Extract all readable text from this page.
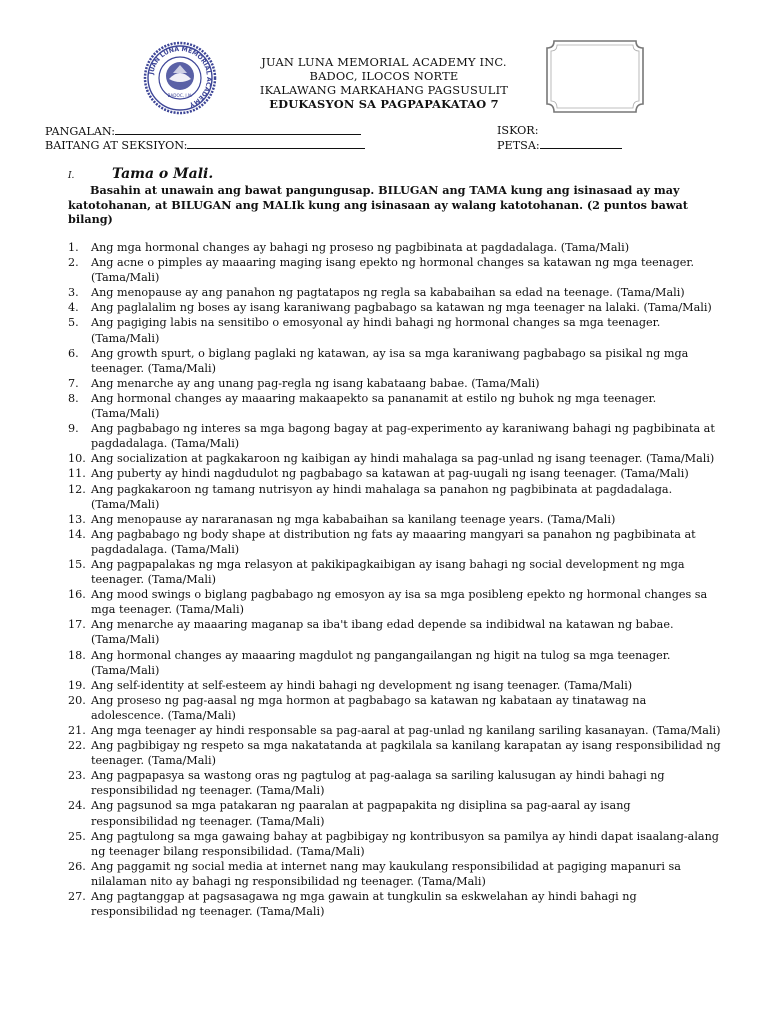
JUAN LUNA MEMORIAL ACADEMY
BADOC, I.N.
JUAN LUNA MEMORIAL ACADEMY INC.
BADOC, ILOCOS NORTE
IKALAWANG MARKAHANG PAGSUSULIT
EDUKASYON SA PAGPAPAKATAO 7
PANGALAN:
BAITANG AT SEKSIYON:
ISKOR:
PETSA:
I.	Tama o Mali.
Basahin at unawain ang bawat pangungusap. BILUGAN ang TAMA kung ang isinasaad ay may katotohanan, at BILUGAN ang MALIk kung ang isinasaan ay walang katotohanan. (2 puntos bawat bilang)
1.	Ang mga hormonal changes ay bahagi ng proseso ng pagbibinata at pagdadalaga. (Tama/Mali)
2.	Ang acne o pimples ay maaaring maging isang epekto ng hormonal changes sa katawan ng mga teenager. (Tama/Mali)
3.	Ang menopause ay ang panahon ng pagtatapos ng regla sa kababaihan sa edad na teenage. (Tama/Mali)
4.	Ang paglalalim ng boses ay isang karaniwang pagbabago sa katawan ng mga teenager na lalaki. (Tama/Mali)
5.	Ang pagiging labis na sensitibo o emosyonal ay hindi bahagi ng hormonal changes sa mga teenager. (Tama/Mali)
6.	Ang growth spurt, o biglang paglaki ng katawan, ay isa sa mga karaniwang pagbabago sa pisikal ng mga teenager. (Tama/Mali)
7.	Ang menarche ay ang unang pag-regla ng isang kabataang babae. (Tama/Mali)
8.	Ang hormonal changes ay maaaring makaapekto sa pananamit at estilo ng buhok ng mga teenager. (Tama/Mali)
9.	Ang pagbabago ng interes sa mga bagong bagay at pag-experimento ay karaniwang bahagi ng pagbibinata at pagdadalaga. (Tama/Mali)
10. Ang socialization at pagkakaroon ng kaibigan ay hindi mahalaga sa pag-unlad ng isang teenager. (Tama/Mali)
11. Ang puberty ay hindi nagdudulot ng pagbabago sa katawan at pag-uugali ng isang teenager. (Tama/Mali)
12. Ang pagkakaroon ng tamang nutrisyon ay hindi mahalaga sa panahon ng pagbibinata at pagdadalaga. (Tama/Mali)
13. Ang menopause ay nararanasan ng mga kababaihan sa kanilang teenage years. (Tama/Mali)
14. Ang pagbabago ng body shape at distribution ng fats ay maaaring mangyari sa panahon ng pagbibinata at pagdadalaga. (Tama/Mali)
15. Ang pagpapalakas ng mga relasyon at pakikipagkaibigan ay isang bahagi ng social development ng mga teenager. (Tama/Mali)
16. Ang mood swings o biglang pagbabago ng emosyon ay isa sa mga posibleng epekto ng hormonal changes sa mga teenager. (Tama/Mali)
17. Ang menarche ay maaaring maganap sa iba't ibang edad depende sa indibidwal na katawan ng babae. (Tama/Mali)
18. Ang hormonal changes ay maaaring magdulot ng pangangailangan ng higit na tulog sa mga teenager. (Tama/Mali)
19. Ang self-identity at self-esteem ay hindi bahagi ng development ng isang teenager. (Tama/Mali)
20. Ang proseso ng pag-aasal ng mga hormon at pagbabago sa katawan ng kabataan ay tinatawag na adolescence. (Tama/Mali)
21. Ang mga teenager ay hindi responsable sa pag-aaral at pag-unlad ng kanilang sariling kasanayan. (Tama/Mali)
22. Ang pagbibigay ng respeto sa mga nakatatanda at pagkilala sa kanilang karapatan ay isang responsibilidad ng teenager. (Tama/Mali)
23. Ang pagpapasya sa wastong oras ng pagtulog at pag-aalaga sa sariling kalusugan ay hindi bahagi ng responsibilidad ng teenager. (Tama/Mali)
24. Ang pagsunod sa mga patakaran ng paaralan at pagpapakita ng disiplina sa pag-aaral ay isang responsibilidad ng teenager. (Tama/Mali)
25. Ang pagtulong sa mga gawaing bahay at pagbibigay ng kontribusyon sa pamilya ay hindi dapat isaalang-alang ng teenager bilang responsibilidad. (Tama/Mali)
26. Ang paggamit ng social media at internet nang may kaukulang responsibilidad at pagiging mapanuri sa nilalaman nito ay bahagi ng responsibilidad ng teenager. (Tama/Mali)
27. Ang pagtanggap at pagsasagawa ng mga gawain at tungkulin sa eskwelahan ay hindi bahagi ng responsibilidad ng teenager. (Tama/Mali)
